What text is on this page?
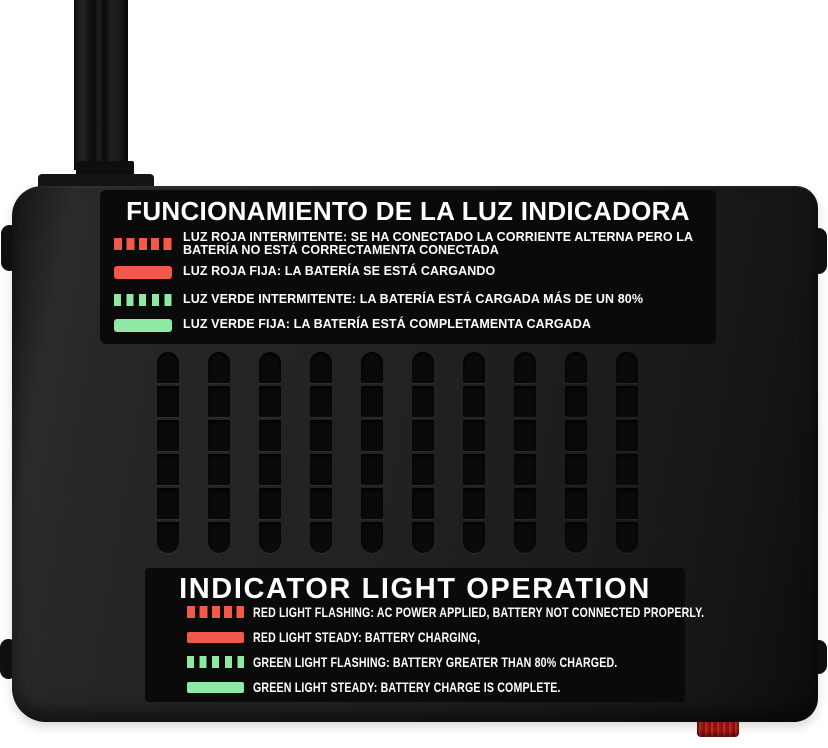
FUNCIONAMIENTO DE LA LUZ INDICADORA
LUZ ROJA INTERMITENTE: SE HA CONECTADO LA CORRIENTE ALTERNA PERO LA
BATERÍA NO ESTÁ CORRECTAMENTA CONECTADA
LUZ ROJA FIJA: LA BATERÍA SE ESTÁ CARGANDO
LUZ VERDE INTERMITENTE: LA BATERÍA ESTÁ CARGADA MÁS DE UN 80%
LUZ VERDE FIJA: LA BATERÍA ESTÁ COMPLETAMENTA CARGADA
INDICATOR LIGHT OPERATION
RED LIGHT FLASHING: AC POWER APPLIED, BATTERY NOT CONNECTED PROPERLY.
RED LIGHT STEADY: BATTERY CHARGING,
GREEN LIGHT FLASHING: BATTERY GREATER THAN 80% CHARGED.
GREEN LIGHT STEADY: BATTERY CHARGE IS COMPLETE.
